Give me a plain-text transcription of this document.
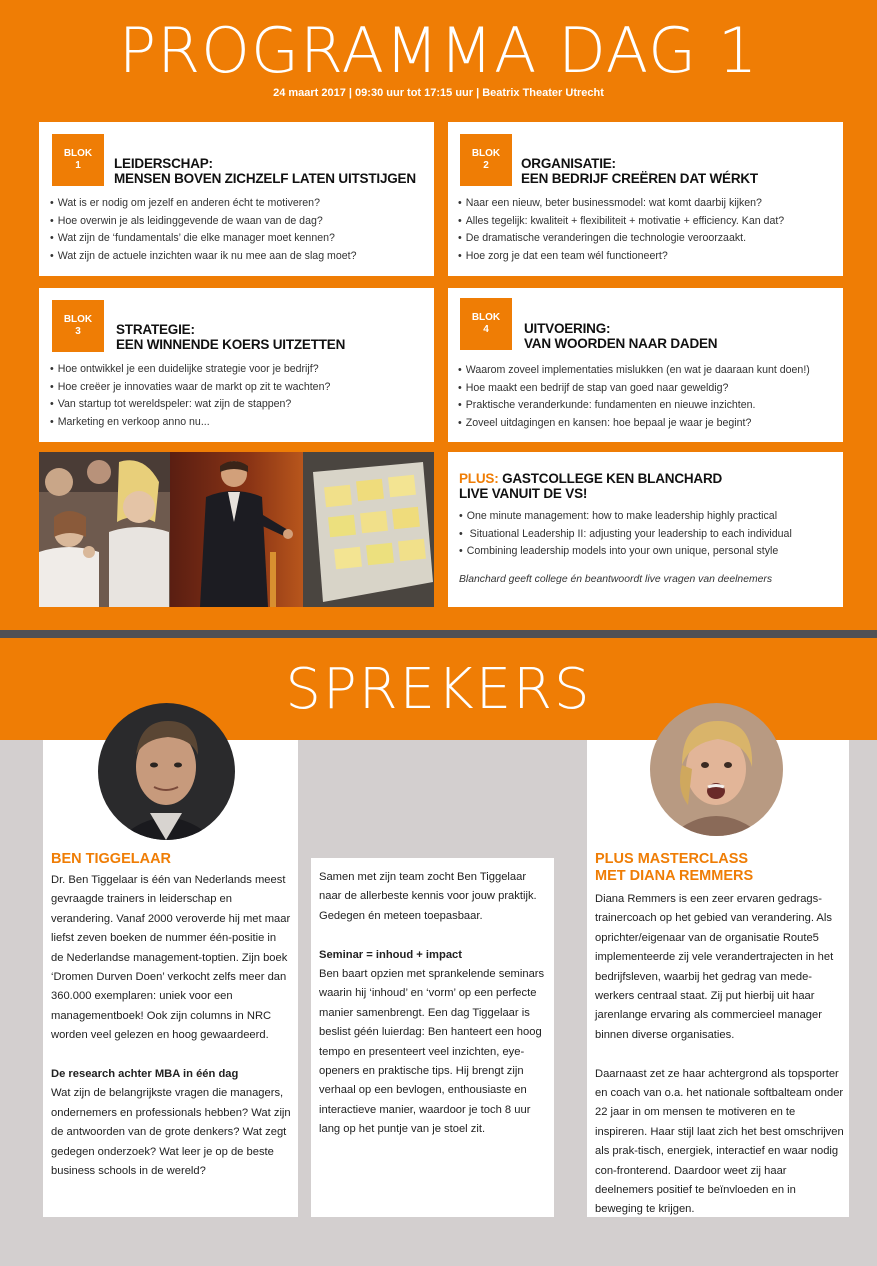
PROGRAMMA DAG 1
24 maart 2017 | 09:30 uur tot 17:15 uur | Beatrix Theater Utrecht
BLOK
1	LEIDERSCHAP:
MENSEN BOVEN ZICHZELF LATEN UITSTIJGEN
• Wat is er nodig om jezelf en anderen écht te motiveren?
• Hoe overwin je als leidinggevende de waan van de dag?
• Wat zijn de ‘fundamentals’ die elke manager moet kennen?
• Wat zijn de actuele inzichten waar ik nu mee aan de slag moet?
BLOK
2	ORGANISATIE:
EEN BEDRIJF CREËREN DAT WÉRKT
• Naar een nieuw, beter businessmodel: wat komt daarbij kijken?
• Alles tegelijk: kwaliteit + flexibiliteit + motivatie + efficiency. Kan dat?
• De dramatische veranderingen die technologie veroorzaakt.
• Hoe zorg je dat een team wél functioneert?
BLOK
3	STRATEGIE:
EEN WINNENDE KOERS UITZETTEN
• Hoe ontwikkel je een duidelijke strategie voor je bedrijf?
• Hoe creëer je innovaties waar de markt op zit te wachten?
• Van startup tot wereldspeler: wat zijn de stappen?
• Marketing en verkoop anno nu...
BLOK
4	UITVOERING:
VAN WOORDEN NAAR DADEN
• Waarom zoveel implementaties mislukken (en wat je daaraan kunt doen!)
• Hoe maakt een bedrijf de stap van goed naar geweldig?
• Praktische veranderkunde: fundamenten en nieuwe inzichten.
• Zoveel uitdagingen en kansen: hoe bepaal je waar je begint?
PLUS: GASTCOLLEGE KEN BLANCHARD
LIVE VANUIT DE VS!
• One minute management: how to make leadership highly practical
• Situational Leadership II: adjusting your leadership to each individual
• Combining leadership models into your own unique, personal style
Blanchard geeft college én beantwoordt live vragen van deelnemers
SPREKERS
BEN TIGGELAAR

Dr. Ben Tiggelaar is één van Nederlands meest gevraagde trainers in leiderschap en verandering. Vanaf 2000 veroverde hij met maar liefst zeven boeken de nummer één-positie in de Nederlandse management-toptien. Zijn boek ‘Dromen Durven Doen’ verkocht zelfs meer dan 360.000 exemplaren: uniek voor een managementboek! Ook zijn columns in NRC worden veel gelezen en hoog gewaardeerd.

De research achter MBA in één dag
Wat zijn de belangrijkste vragen die managers, ondernemers en professionals hebben? Wat zijn de antwoorden van de grote denkers? Wat zegt gedegen onderzoek? Wat leer je op de beste business schools in de wereld?

Samen met zijn team zocht Ben Tiggelaar naar de allerbeste kennis voor jouw praktijk. Gedegen én meteen toepasbaar.

Seminar = inhoud + impact
Ben baart opzien met sprankelende seminars waarin hij ‘inhoud’ en ‘vorm’ op een perfecte manier samenbrengt. Een dag Tiggelaar is beslist géén luierdag: Ben hanteert een hoog tempo en presenteert veel inzichten, eye-openers en praktische tips. Hij brengt zijn verhaal op een bevlogen, enthousiaste en interactieve manier, waardoor je toch 8 uur lang op het puntje van je stoel zit.
PLUS MASTERCLASS
MET DIANA REMMERS

Diana Remmers is een zeer ervaren gedrags-trainercoach op het gebied van verandering. Als oprichter/eigenaar van de organisatie Route5 implementeerde zij vele verandertrajecten in het bedrijfsleven, waarbij het gedrag van mede-werkers centraal staat. Zij put hierbij uit haar jarenlange ervaring als commercieel manager binnen diverse organisaties.

Daarnaast zet ze haar achtergrond als topsporter en coach van o.a. het nationale softbalteam onder 22 jaar in om mensen te motiveren en te inspireren. Haar stijl laat zich het best omschrijven als prak-tisch, energiek, interactief en waar nodig con-fronterend. Daardoor weet zij haar deelnemers positief te beïnvloeden en in beweging te krijgen.
